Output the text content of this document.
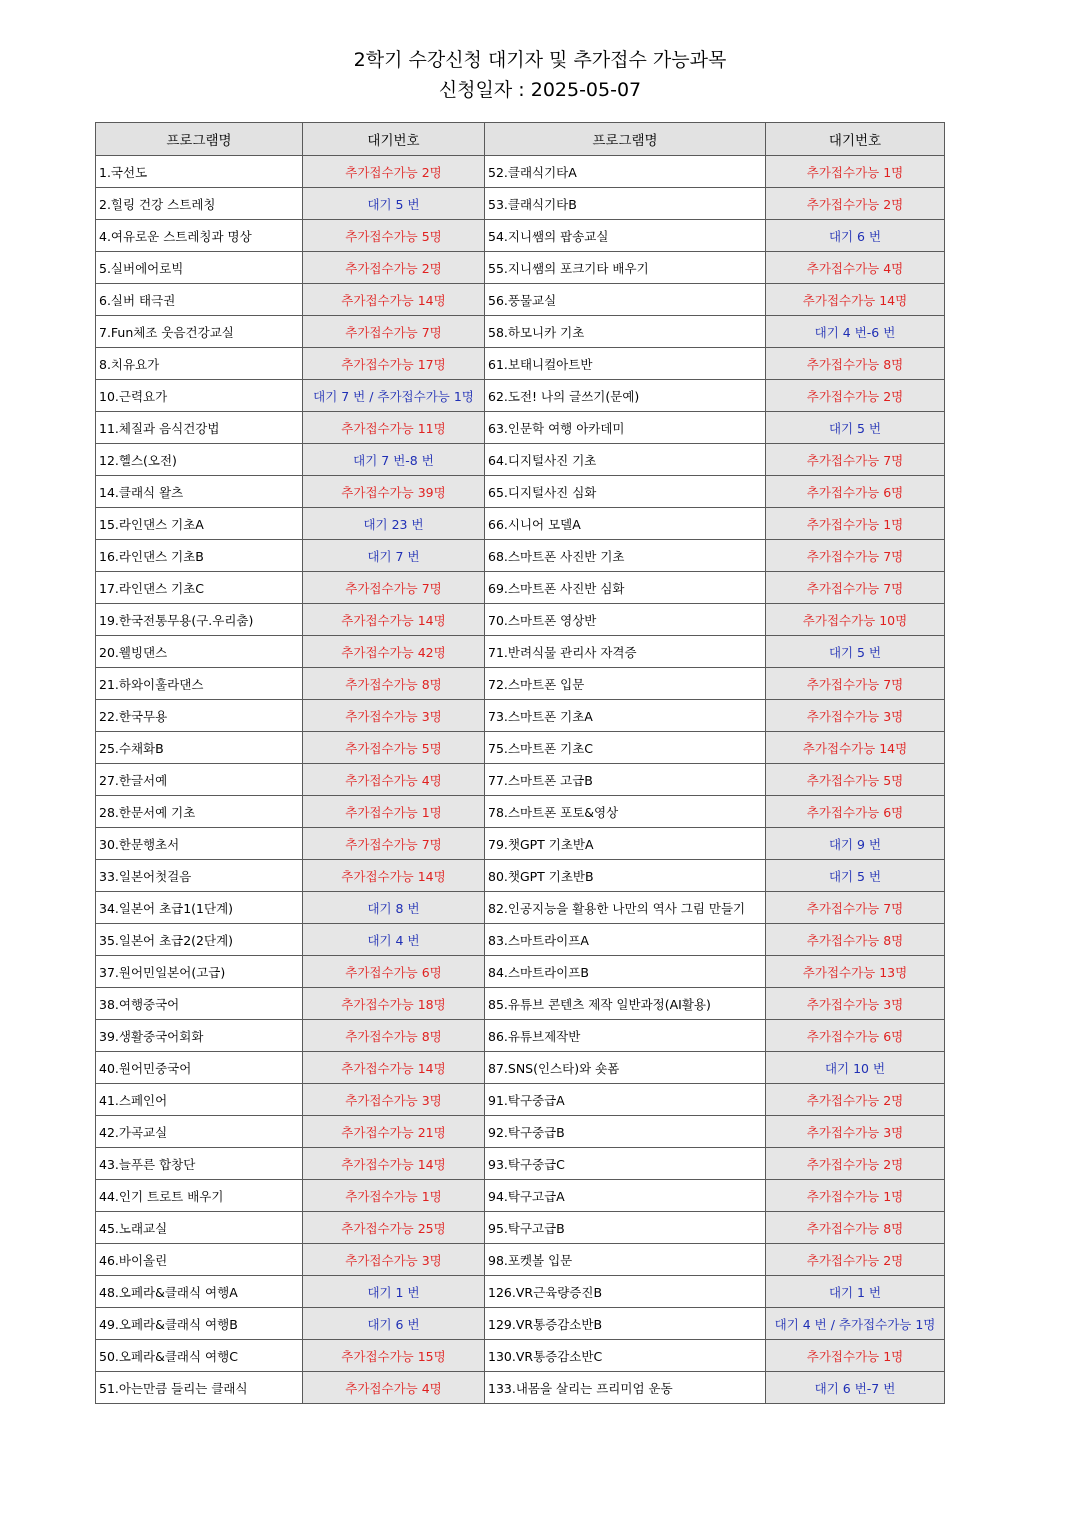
2학기 수강신청 대기자 및 추가접수 가능과목
신청일자 : 2025-05-07
프로그램명	대기번호	프로그램명	대기번호
1.국선도	추가접수가능 2명	52.클래식기타A	추가접수가능 1명
2.힐링 건강 스트레칭	대기 5 번	53.클래식기타B	추가접수가능 2명
4.여유로운 스트레칭과 명상	추가접수가능 5명	54.지니쌤의 팝송교실	대기 6 번
5.실버에어로빅	추가접수가능 2명	55.지니쌤의 포크기타 배우기	추가접수가능 4명
6.실버 태극권	추가접수가능 14명	56.풍물교실	추가접수가능 14명
7.Fun체조 웃음건강교실	추가접수가능 7명	58.하모니카 기초	대기 4 번-6 번
8.치유요가	추가접수가능 17명	61.보태니컬아트반	추가접수가능 8명
10.근력요가	대기 7 번 / 추가접수가능 1명	62.도전! 나의 글쓰기(문예)	추가접수가능 2명
11.체질과 음식건강법	추가접수가능 11명	63.인문학 여행 아카데미	대기 5 번
12.헬스(오전)	대기 7 번-8 번	64.디지털사진 기초	추가접수가능 7명
14.클래식 왈츠	추가접수가능 39명	65.디지털사진 심화	추가접수가능 6명
15.라인댄스 기초A	대기 23 번	66.시니어 모델A	추가접수가능 1명
16.라인댄스 기초B	대기 7 번	68.스마트폰 사진반 기초	추가접수가능 7명
17.라인댄스 기초C	추가접수가능 7명	69.스마트폰 사진반 심화	추가접수가능 7명
19.한국전통무용(구.우리춤)	추가접수가능 14명	70.스마트폰 영상반	추가접수가능 10명
20.웰빙댄스	추가접수가능 42명	71.반려식물 관리사 자격증	대기 5 번
21.하와이훌라댄스	추가접수가능 8명	72.스마트폰 입문	추가접수가능 7명
22.한국무용	추가접수가능 3명	73.스마트폰 기초A	추가접수가능 3명
25.수채화B	추가접수가능 5명	75.스마트폰 기초C	추가접수가능 14명
27.한글서예	추가접수가능 4명	77.스마트폰 고급B	추가접수가능 5명
28.한문서예 기초	추가접수가능 1명	78.스마트폰 포토&영상	추가접수가능 6명
30.한문행초서	추가접수가능 7명	79.챗GPT 기초반A	대기 9 번
33.일본어첫걸음	추가접수가능 14명	80.챗GPT 기초반B	대기 5 번
34.일본어 초급1(1단계)	대기 8 번	82.인공지능을 활용한 나만의 역사 그림 만들기	추가접수가능 7명
35.일본어 초급2(2단계)	대기 4 번	83.스마트라이프A	추가접수가능 8명
37.원어민일본어(고급)	추가접수가능 6명	84.스마트라이프B	추가접수가능 13명
38.여행중국어	추가접수가능 18명	85.유튜브 콘텐츠 제작 일반과정(AI활용)	추가접수가능 3명
39.생활중국어회화	추가접수가능 8명	86.유튜브제작반	추가접수가능 6명
40.원어민중국어	추가접수가능 14명	87.SNS(인스타)와 숏폼	대기 10 번
41.스페인어	추가접수가능 3명	91.탁구중급A	추가접수가능 2명
42.가곡교실	추가접수가능 21명	92.탁구중급B	추가접수가능 3명
43.늘푸른 합창단	추가접수가능 14명	93.탁구중급C	추가접수가능 2명
44.인기 트로트 배우기	추가접수가능 1명	94.탁구고급A	추가접수가능 1명
45.노래교실	추가접수가능 25명	95.탁구고급B	추가접수가능 8명
46.바이올린	추가접수가능 3명	98.포켓볼 입문	추가접수가능 2명
48.오페라&클래식 여행A	대기 1 번	126.VR근육량증진B	대기 1 번
49.오페라&클래식 여행B	대기 6 번	129.VR통증감소반B	대기 4 번 / 추가접수가능 1명
50.오페라&클래식 여행C	추가접수가능 15명	130.VR통증감소반C	추가접수가능 1명
51.아는만큼 들리는 클래식	추가접수가능 4명	133.내몸을 살리는 프리미엄 운동	대기 6 번-7 번
